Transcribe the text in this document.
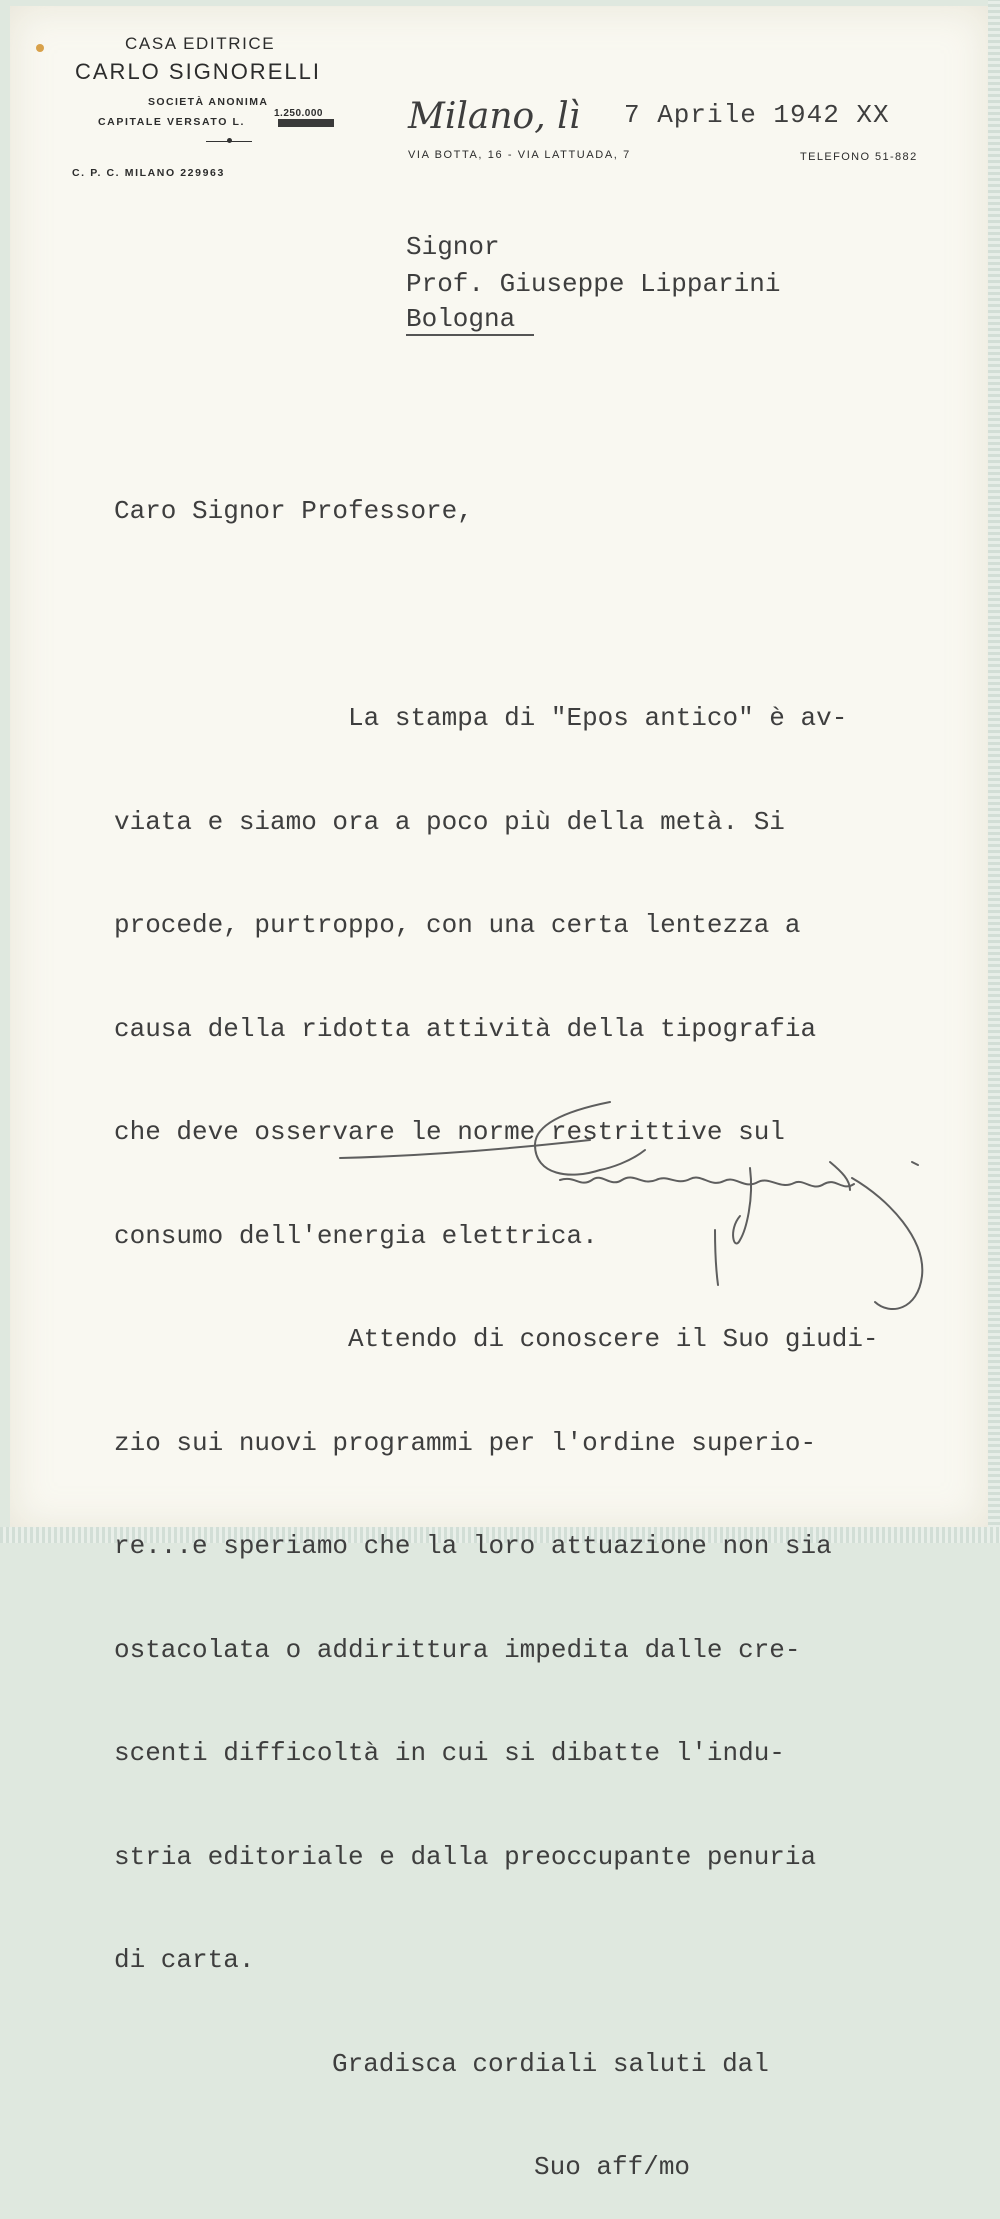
CASA EDITRICE
CARLO SIGNORELLI
SOCIETÀ ANONIMA
1.250.000
CAPITALE VERSATO L.
C. P. C. MILANO 229963
Milano, lì 7 Aprile 1942 XX
VIA BOTTA, 16 - VIA LATTUADA, 7	TELEFONO 51-882
Signor
Prof. Giuseppe Lipparini
Bologna

Caro Signor Professore,

La stampa di "Epos antico" è av-

viata e siamo ora a poco più della metà. Si

procede, purtroppo, con una certa lentezza a

causa della ridotta attività della tipografia

che deve osservare le norme restrittive sul

consumo dell'energia elettrica.

Attendo di conoscere il Suo giudi-

zio sui nuovi programmi per l'ordine superio-

re...e speriamo che la loro attuazione non sia

ostacolata o addirittura impedita dalle cre-

scenti difficoltà in cui si dibatte l'indu-

stria editoriale e dalla preoccupante penuria

di carta.

Gradisca cordiali saluti dal

Suo aff/mo
